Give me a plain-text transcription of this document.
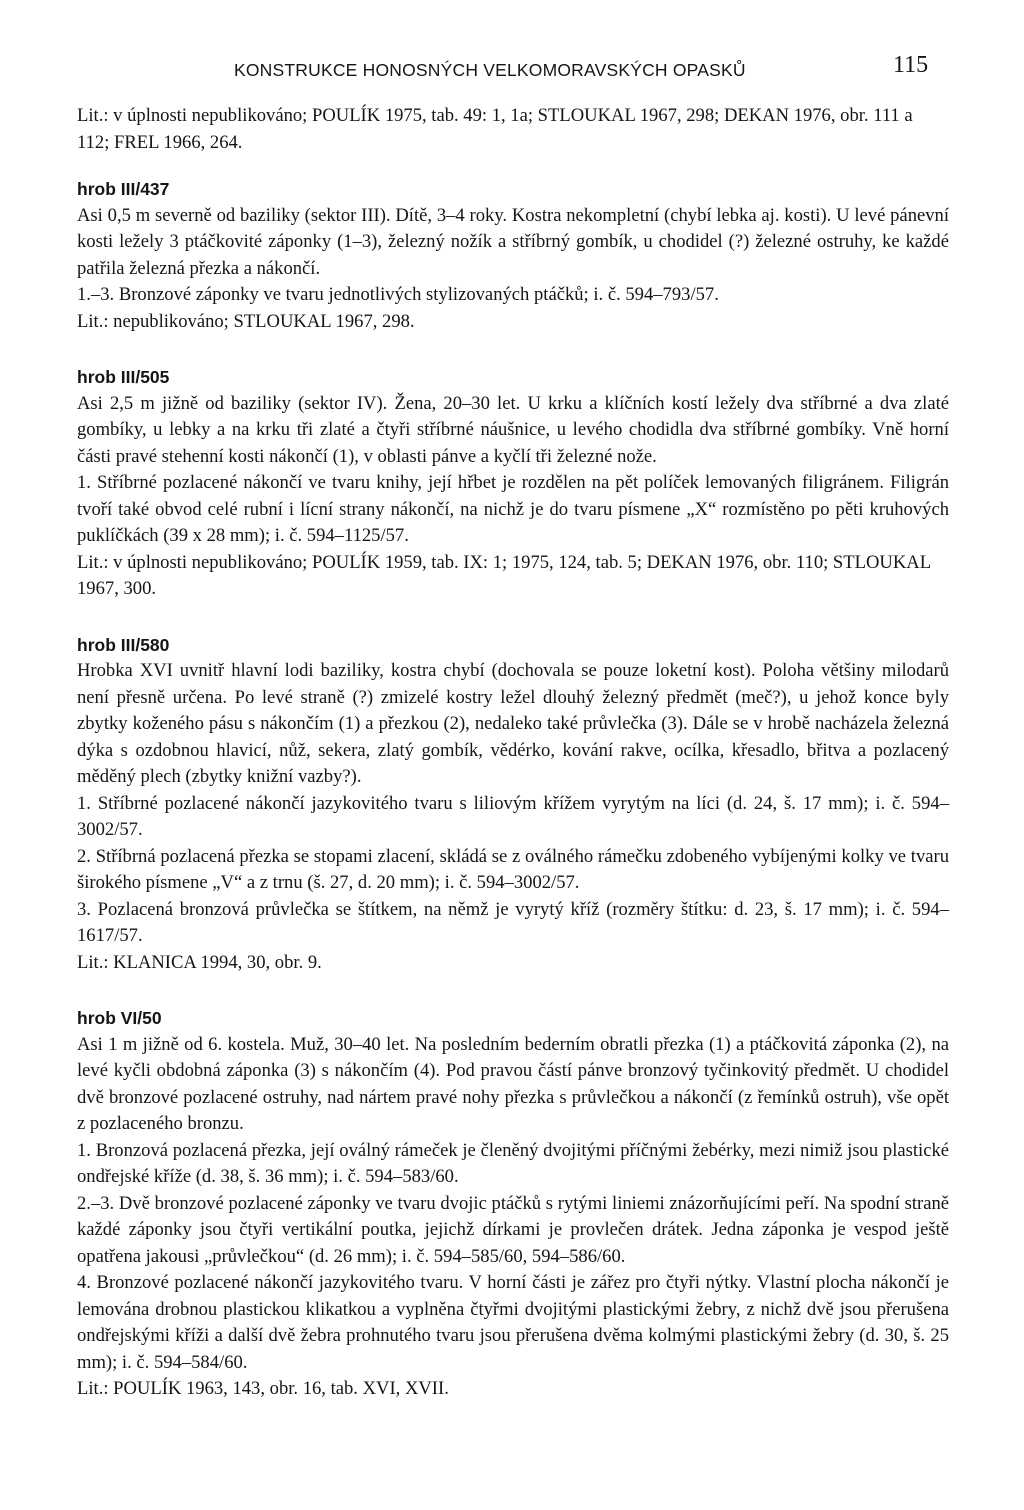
KONSTRUKCE HONOSNÝCH VELKOMORAVSKÝCH OPASKŮ	115

Lit.: v úplnosti nepublikováno; POULÍK 1975, tab. 49: 1, 1a; STLOUKAL 1967, 298; DEKAN 1976, obr. 111 a 112; FREL 1966, 264.

hrob III/437

Asi 0,5 m severně od baziliky (sektor III). Dítě, 3–4 roky. Kostra nekompletní (chybí lebka aj. kosti). U levé pánevní kosti ležely 3 ptáčkovité záponky (1–3), železný nožík a stříbrný gombík, u chodidel (?) železné ostruhy, ke každé patřila železná přezka a nákončí.

1.–3. Bronzové záponky ve tvaru jednotlivých stylizovaných ptáčků; i. č. 594–793/57.

Lit.: nepublikováno; STLOUKAL 1967, 298.

hrob III/505

Asi 2,5 m jižně od baziliky (sektor IV). Žena, 20–30 let. U krku a klíčních kostí ležely dva stříbrné a dva zlaté gombíky, u lebky a na krku tři zlaté a čtyři stříbrné náušnice, u levého chodidla dva stříbrné gombíky. Vně horní části pravé stehenní kosti nákončí (1), v oblasti pánve a kyčlí tři železné nože.

1. Stříbrné pozlacené nákončí ve tvaru knihy, její hřbet je rozdělen na pět políček lemovaných filigránem. Filigrán tvoří také obvod celé rubní i lícní strany nákončí, na nichž je do tvaru písmene „X“ rozmístěno po pěti kruhových puklíčkách (39 x 28 mm); i. č. 594–1125/57.

Lit.: v úplnosti nepublikováno; POULÍK 1959, tab. IX: 1; 1975, 124, tab. 5; DEKAN 1976, obr. 110; STLOUKAL 1967, 300.

hrob III/580

Hrobka XVI uvnitř hlavní lodi baziliky, kostra chybí (dochovala se pouze loketní kost). Poloha většiny milodarů není přesně určena. Po levé straně (?) zmizelé kostry ležel dlouhý železný předmět (meč?), u jehož konce byly zbytky koženého pásu s nákončím (1) a přezkou (2), nedaleko také průvlečka (3). Dále se v hrobě nacházela železná dýka s ozdobnou hlavicí, nůž, sekera, zlatý gombík, vědérko, kování rakve, ocílka, křesadlo, břitva a pozlacený měděný plech (zbytky knižní vazby?).

1. Stříbrné pozlacené nákončí jazykovitého tvaru s liliovým křížem vyrytým na líci (d. 24, š. 17 mm); i. č. 594–3002/57.

2. Stříbrná pozlacená přezka se stopami zlacení, skládá se z oválného rámečku zdobeného vybíjenými kolky ve tvaru širokého písmene „V“ a z trnu (š. 27, d. 20 mm); i. č. 594–3002/57.

3. Pozlacená bronzová průvlečka se štítkem, na němž je vyrytý kříž (rozměry štítku: d. 23, š. 17 mm); i. č. 594–1617/57.

Lit.: KLANICA 1994, 30, obr. 9.

hrob VI/50

Asi 1 m jižně od 6. kostela. Muž, 30–40 let. Na posledním bederním obratli přezka (1) a ptáčkovitá záponka (2), na levé kyčli obdobná záponka (3) s nákončím (4). Pod pravou částí pánve bronzový tyčinkovitý předmět. U chodidel dvě bronzové pozlacené ostruhy, nad nártem pravé nohy přezka s průvlečkou a nákončí (z řemínků ostruh), vše opět z pozlaceného bronzu.

1. Bronzová pozlacená přezka, její oválný rámeček je členěný dvojitými příčnými žebérky, mezi nimiž jsou plastické ondřejské kříže (d. 38, š. 36 mm); i. č. 594–583/60.

2.–3. Dvě bronzové pozlacené záponky ve tvaru dvojic ptáčků s rytými liniemi znázorňujícími peří. Na spodní straně každé záponky jsou čtyři vertikální poutka, jejichž dírkami je provlečen drátek. Jedna záponka je vespod ještě opatřena jakousi „průvlečkou“ (d. 26 mm); i. č. 594–585/60, 594–586/60.

4. Bronzové pozlacené nákončí jazykovitého tvaru. V horní části je zářez pro čtyři nýtky. Vlastní plocha nákončí je lemována drobnou plastickou klikatkou a vyplněna čtyřmi dvojitými plastickými žebry, z nichž dvě jsou přerušena ondřejskými kříži a další dvě žebra prohnutého tvaru jsou přerušena dvěma kolmými plastickými žebry (d. 30, š. 25 mm); i. č. 594–584/60.

Lit.: POULÍK 1963, 143, obr. 16, tab. XVI, XVII.
